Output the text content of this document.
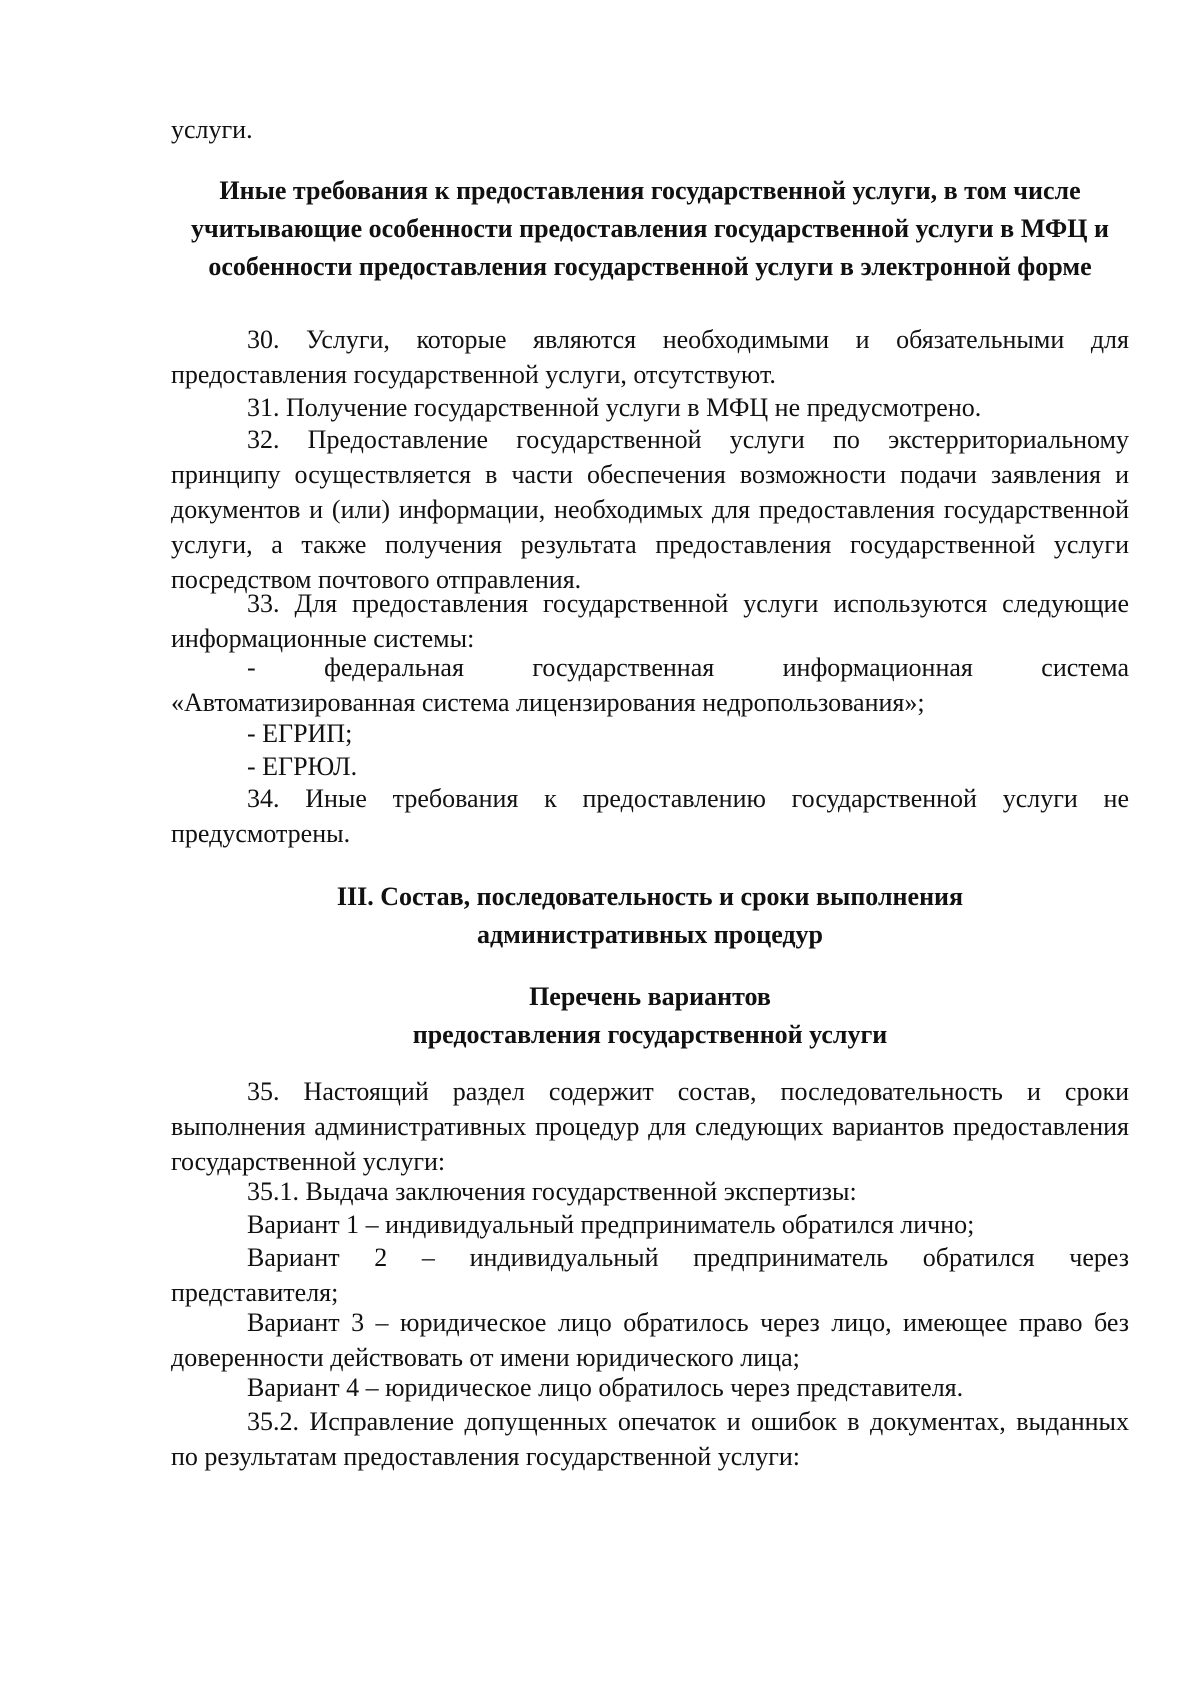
услуги.

Иные требования к предоставления государственной услуги, в том числе
учитывающие особенности предоставления государственной услуги в МФЦ и
особенности предоставления государственной услуги в электронной форме

30. Услуги, которые являются необходимыми и обязательными для

предоставления государственной услуги, отсутствуют.

31. Получение государственной услуги в МФЦ не предусмотрено.

32. Предоставление государственной услуги по экстерриториальному принципу осуществляется в части обеспечения возможности подачи заявления и документов и (или) информации, необходимых для предоставления государственной услуги, а также получения результата предоставления государственной услуги посредством почтового отправления.

33. Для предоставления государственной услуги используются следующие информационные системы:

- федеральная государственная информационная система «Автоматизированная система лицензирования недропользования»;

- ЕГРИП;

- ЕГРЮЛ.

34. Иные требования к предоставлению государственной услуги не предусмотрены.

III. Состав, последовательность и сроки выполнения
административных процедур
Перечень вариантов
предоставления государственной услуги

35. Настоящий раздел содержит состав, последовательность и сроки выполнения административных процедур для следующих вариантов предоставления государственной услуги:

35.1. Выдача заключения государственной экспертизы:

Вариант 1 – индивидуальный предприниматель обратился лично;

Вариант 2 – индивидуальный предприниматель обратился через представителя;

Вариант 3 – юридическое лицо обратилось через лицо, имеющее право без доверенности действовать от имени юридического лица;

Вариант 4 – юридическое лицо обратилось через представителя.

35.2. Исправление допущенных опечаток и ошибок в документах, выданных по результатам предоставления государственной услуги:
